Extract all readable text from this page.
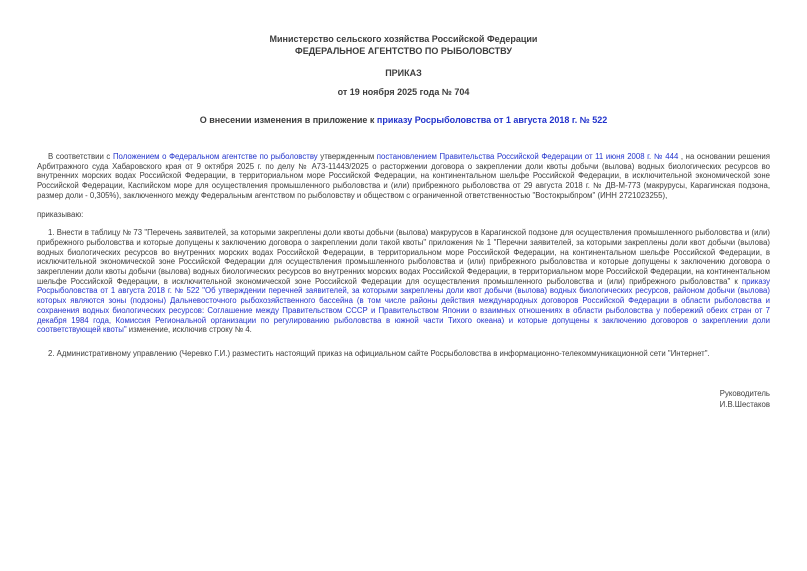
Министерство сельского хозяйства Российской Федерации
ФЕДЕРАЛЬНОЕ АГЕНТСТВО ПО РЫБОЛОВСТВУ
ПРИКАЗ
от 19 ноября 2025 года № 704
О внесении изменения в приложение к приказу Росрыболовства от 1 августа 2018 г. № 522

В соответствии с Положением о Федеральном агентстве по рыболовству утвержденным постановлением Правительства Российской Федерации от 11 июня 2008 г. № 444 , на основании решения Арбитражного суда Хабаровского края от 9 октября 2025 г. по делу № А73-11443/2025 о расторжении договора о закреплении доли квоты добычи (вылова) водных биологических ресурсов во внутренних морских водах Российской Федерации, в территориальном море Российской Федерации, на континентальном шельфе Российской Федерации, в исключительной экономической зоне Российской Федерации, Каспийском море для осуществления промышленного рыболовства и (или) прибрежного рыболовства от 29 августа 2018 г. № ДВ-М-773 (макрурусы, Карагинская подзона, размер доли - 0,305%), заключенного между Федеральным агентством по рыболовству и обществом с ограниченной ответственностью "Востокрыбпром" (ИНН 2721023255),

приказываю:

1. Внести в таблицу № 73 "Перечень заявителей, за которыми закреплены доли квоты добычи (вылова) макрурусов в Карагинской подзоне для осуществления промышленного рыболовства и (или) прибрежного рыболовства и которые допущены к заключению договора о закреплении доли такой квоты" приложения № 1 "Перечни заявителей, за которыми закреплены доли квот добычи (вылова) водных биологических ресурсов во внутренних морских водах Российской Федерации, в территориальном море Российской Федерации, на континентальном шельфе Российской Федерации, в исключительной экономической зоне Российской Федерации для осуществления промышленного рыболовства и (или) прибрежного рыболовства и которые допущены к заключению договора о закреплении доли квоты добычи (вылова) водных биологических ресурсов во внутренних морских водах Российской Федерации, в территориальном море Российской Федерации, на континентальном шельфе Российской Федерации, в исключительной экономической зоне Российской Федерации для осуществления промышленного рыболовства и (или) прибрежного рыболовства" к приказу Росрыболовства от 1 августа 2018 г. № 522 "Об утверждении перечней заявителей, за которыми закреплены доли квот добычи (вылова) водных биологических ресурсов, районом добычи (вылова) которых являются зоны (подзоны) Дальневосточного рыбохозяйственного бассейна (в том числе районы действия международных договоров Российской Федерации в области рыболовства и сохранения водных биологических ресурсов: Соглашение между Правительством СССР и Правительством Японии о взаимных отношениях в области рыболовства у побережий обеих стран от 7 декабря 1984 года, Комиссия Региональной организации по регулированию рыболовства в южной части Тихого океана) и которые допущены к заключению договоров о закреплении доли соответствующей квоты" изменение, исключив строку № 4.

2. Административному управлению (Черевко Г.И.) разместить настоящий приказ на официальном сайте Росрыболовства в информационно-телекоммуникационной сети "Интернет".

Руководитель
И.В.Шестаков
